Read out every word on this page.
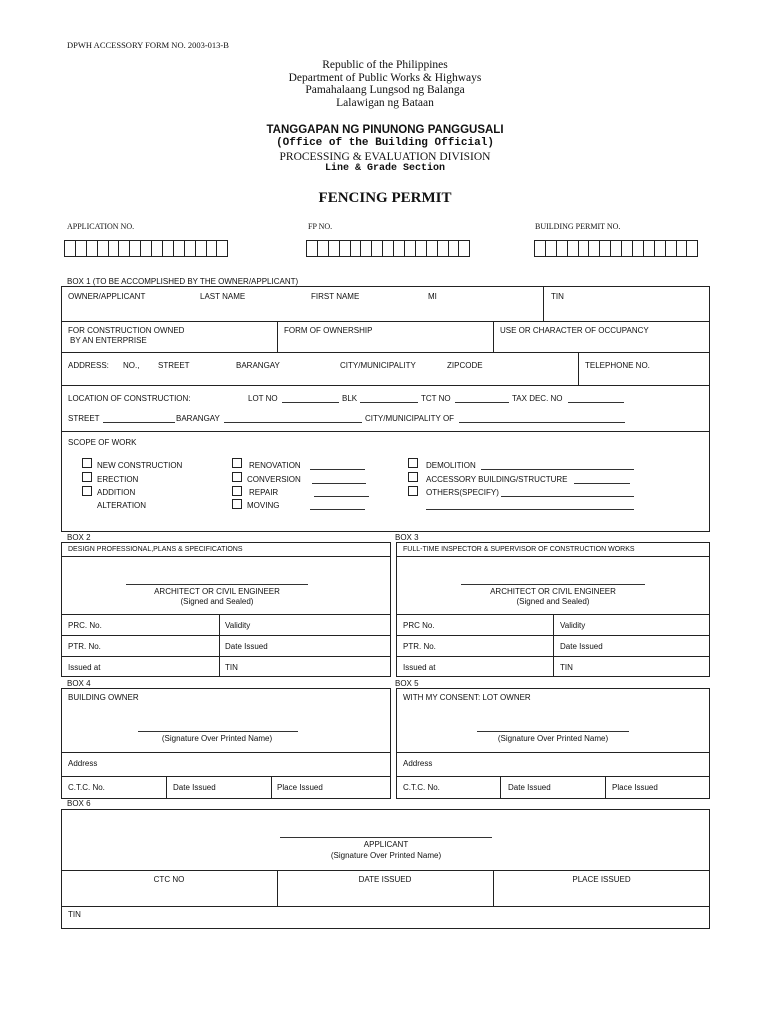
DPWH ACCESSORY FORM NO. 2003-013-B
Republic of the Philippines
Department of Public Works & Highways
Pamahalaang Lungsod ng Balanga
Lalawigan ng Bataan
TANGGAPAN NG PINUNONG PANGGUSALI
(Office of the Building Official)
PROCESSING & EVALUATION DIVISION
Line & Grade Section
FENCING PERMIT
APPLICATION NO.	FP NO.	BUILDING PERMIT NO.
BOX 1 (TO BE ACCOMPLISHED BY THE OWNER/APPLICANT)
OWNER/APPLICANT	LAST NAME	FIRST NAME	MI	TIN
FOR CONSTRUCTION OWNED
BY AN ENTERPRISE
FORM OF OWNERSHIP	USE OR CHARACTER OF OCCUPANCY
ADDRESS: NO., STREET	BARANGAY	CITY/MUNICIPALITY	ZIPCODE	TELEPHONE NO.
LOCATION OF CONSTRUCTION:	LOT NO	BLK	TCT NO	TAX DEC. NO
STREET	BARANGAY	CITY/MUNICIPALITY OF
SCOPE OF WORK
NEW CONSTRUCTION
ERECTION
ADDITION
ALTERATION
RENOVATION
CONVERSION
REPAIR
MOVING
DEMOLITION
ACCESSORY BUILDING/STRUCTURE
OTHERS(SPECIFY)
BOX 2
DESIGN PROFESSIONAL,PLANS & SPECIFICATIONS
ARCHITECT OR CIVIL ENGINEER
(Signed and Sealed)
PRC. No.	Validity
PTR. No.	Date Issued
Issued at	TIN
BOX 3
FULL-TIME INSPECTOR & SUPERVISOR OF CONSTRUCTION WORKS
ARCHITECT OR CIVIL ENGINEER
(Signed and Sealed)
PRC No.	Validity
PTR. No.	Date Issued
Issued at	TIN
BOX 4
BUILDING OWNER
(Signature Over Printed Name)
Address
C.T.C. No.	Date Issued	Place Issued
BOX 5
WITH MY CONSENT: LOT OWNER
(Signature Over Printed Name)
Address
C.T.C. No.	Date Issued	Place Issued
BOX 6
APPLICANT
(Signature Over Printed Name)
CTC NO	DATE ISSUED	PLACE ISSUED
TIN
